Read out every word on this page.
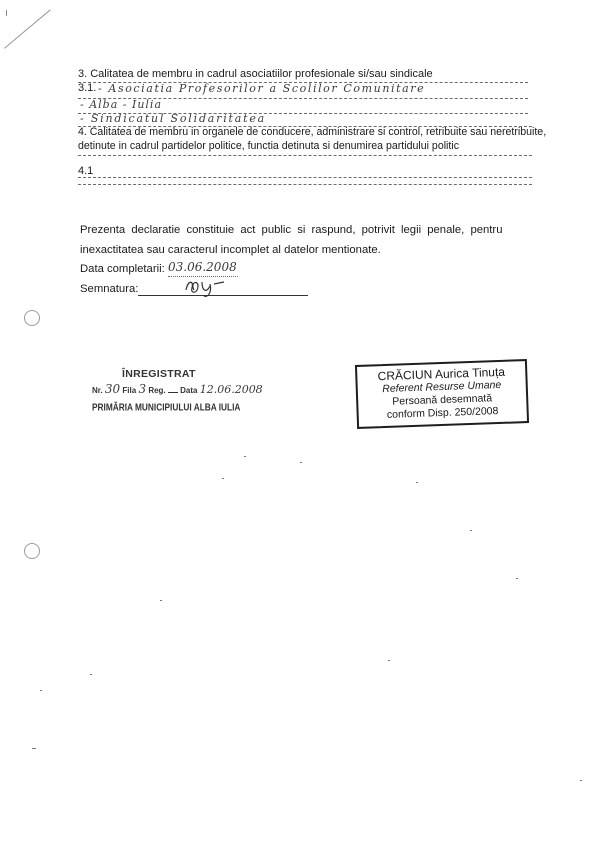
3. Calitatea de membru in cadrul asociatiilor profesionale si/sau sindicale
3.1. - Asociatia Profesorilor a Scolilor Comunitare
- Alba - Iulia
- Sindicatul Solidaritatea
4. Calitatea de membru in organele de conducere, administrare si control, retribuite sau neretribuite,
detinute in cadrul partidelor politice, functia detinuta si denumirea partidului politic
4.1
Prezenta declaratie constituie act public si raspund, potrivit legii penale, pentru
inexactitatea sau caracterul incomplet al datelor mentionate.
Data completarii: 03.06.2008
Semnatura:
ÎNREGISTRAT
Nr. 30 Fila 3 Reg. Data 12.06.2008
PRIMĂRIA MUNICIPIULUI ALBA IULIA
CRĂCIUN Aurica Tinuța
Referent Resurse Umane
Persoană desemnată
conform Disp. 250/2008
